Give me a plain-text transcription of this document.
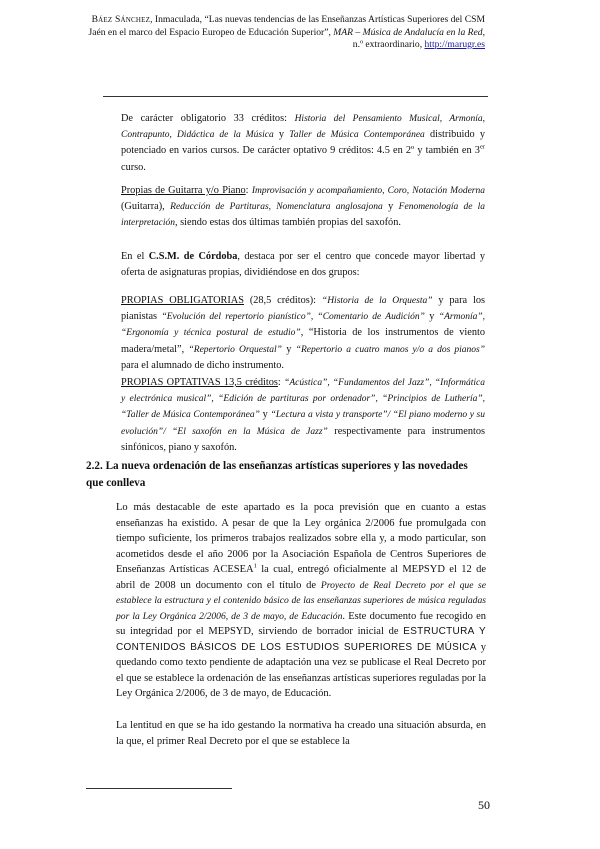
Báez Sánchez, Inmaculada, “Las nuevas tendencias de las Enseñanzas Artísticas Superiores del CSM Jaén en el marco del Espacio Europeo de Educación Superior”, MAR – Música de Andalucía en la Red, n.º extraordinario, http://marugr.es
De carácter obligatorio 33 créditos: Historia del Pensamiento Musical, Armonía, Contrapunto, Didáctica de la Música y Taller de Música Contemporánea distribuido y potenciado en varios cursos. De carácter optativo 9 créditos: 4.5 en 2º y también en 3er curso.
Propias de Guitarra y/o Piano: Improvisación y acompañamiento, Coro, Notación Moderna (Guitarra), Reducción de Partituras, Nomenclatura anglosajona y Fenomenología de la interpretación, siendo estas dos últimas también propias del saxofón.
En el C.S.M. de Córdoba, destaca por ser el centro que concede mayor libertad y oferta de asignaturas propias, dividiéndose en dos grupos:
PROPIAS OBLIGATORIAS (28,5 créditos): “Historia de la Orquesta” y para los pianistas “Evolución del repertorio pianístico”, “Comentario de Audición” y “Armonía”, “Ergonomía y técnica postural de estudio”, “Historia de los instrumentos de viento madera/metal”, “Repertorio Orquestal” y “Repertorio a cuatro manos y/o a dos pianos” para el alumnado de dicho instrumento.
PROPIAS OPTATIVAS 13,5 créditos: “Acústica”, “Fundamentos del Jazz”, “Informática y electrónica musical”, “Edición de partituras por ordenador”, “Principios de Luthería”, “Taller de Música Contemporánea” y “Lectura a vista y transporte”/ “El piano moderno y su evolución”/ “El saxofón en la Música de Jazz” respectivamente para instrumentos sinfónicos, piano y saxofón.
2.2. La nueva ordenación de las enseñanzas artísticas superiores y las novedades que conlleva
Lo más destacable de este apartado es la poca previsión que en cuanto a estas enseñanzas ha existido. A pesar de que la Ley orgánica 2/2006 fue promulgada con tiempo suficiente, los primeros trabajos realizados sobre ella y, a modo particular, son acometidos desde el año 2006 por la Asociación Española de Centros Superiores de Enseñanzas Artísticas ACESEA$^1$ la cual, entregó oficialmente al MEPSYD el 12 de abril de 2008 un documento con el título de Proyecto de Real Decreto por el que se establece la estructura y el contenido básico de las enseñanzas superiores de música reguladas por la Ley Orgánica 2/2006, de 3 de mayo, de Educación. Este documento fue recogido en su integridad por el MEPSYD, sirviendo de borrador inicial de ESTRUCTURA Y CONTENIDOS BÁSICOS DE LOS ESTUDIOS SUPERIORES DE MÚSICA y quedando como texto pendiente de adaptación una vez se publicase el Real Decreto por el que se establece la ordenación de las enseñanzas artísticas superiores reguladas por la Ley Orgánica 2/2006, de 3 de mayo, de Educación.
La lentitud en que se ha ido gestando la normativa ha creado una situación absurda, en la que, el primer Real Decreto por el que se establece la
50
